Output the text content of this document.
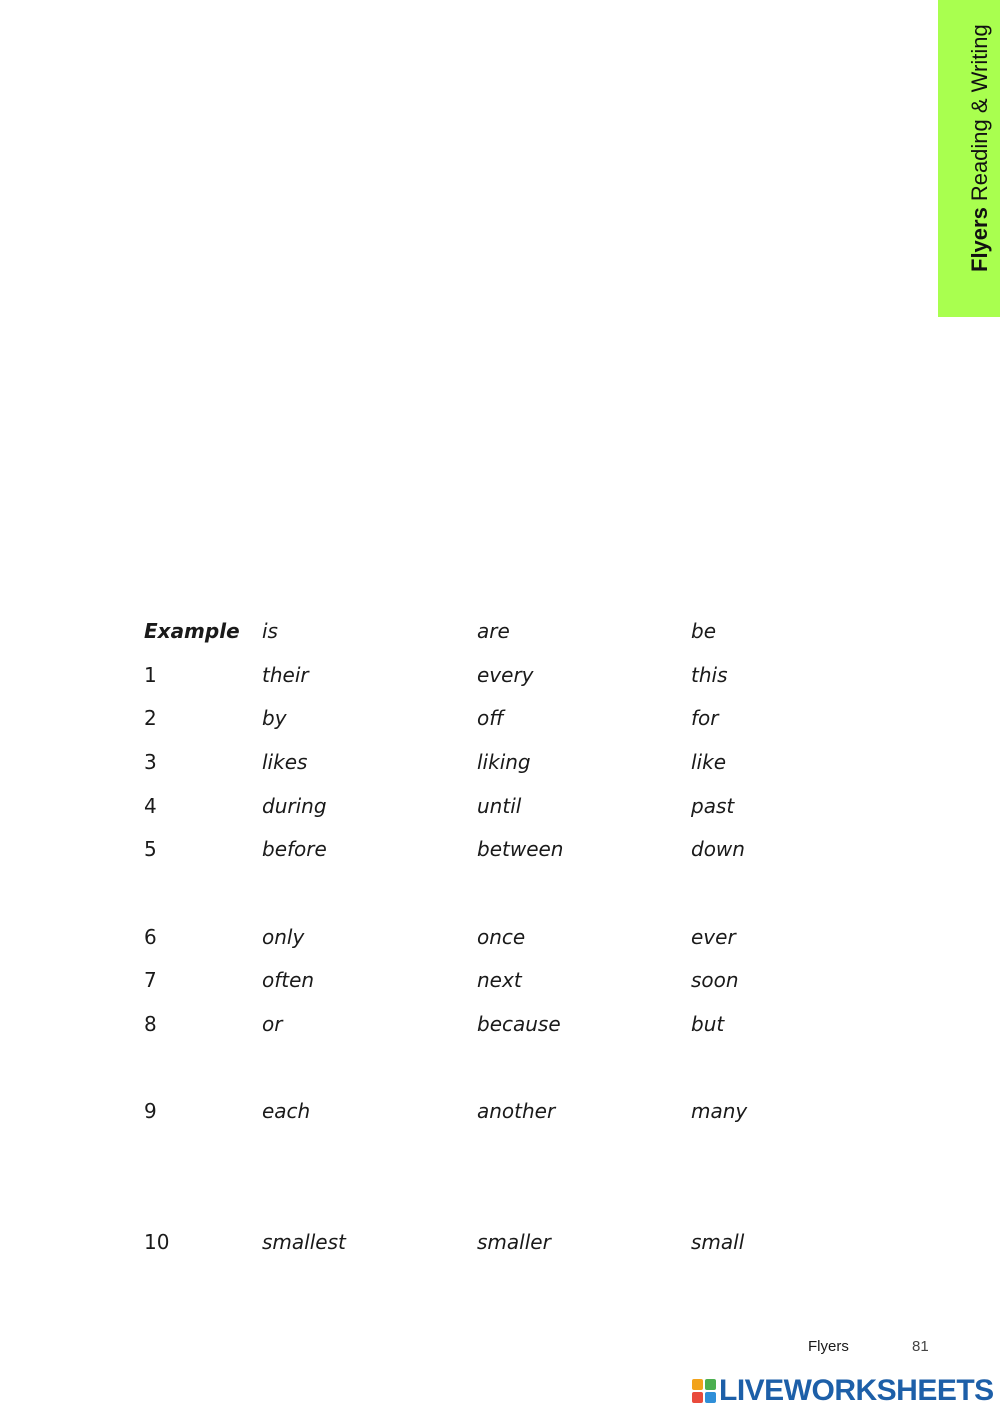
FlyersReading & Writing
Example is	are	be
1	their	every	this
2	by	off	for
3	likes	liking	like
4	during	until	past
5	before	between	down
6	only	once	ever
7	often	next	soon
8	or	because	but
9	each	another	many
10	smallest	smaller	small
Flyers	81
LIVEWORKSHEETS
